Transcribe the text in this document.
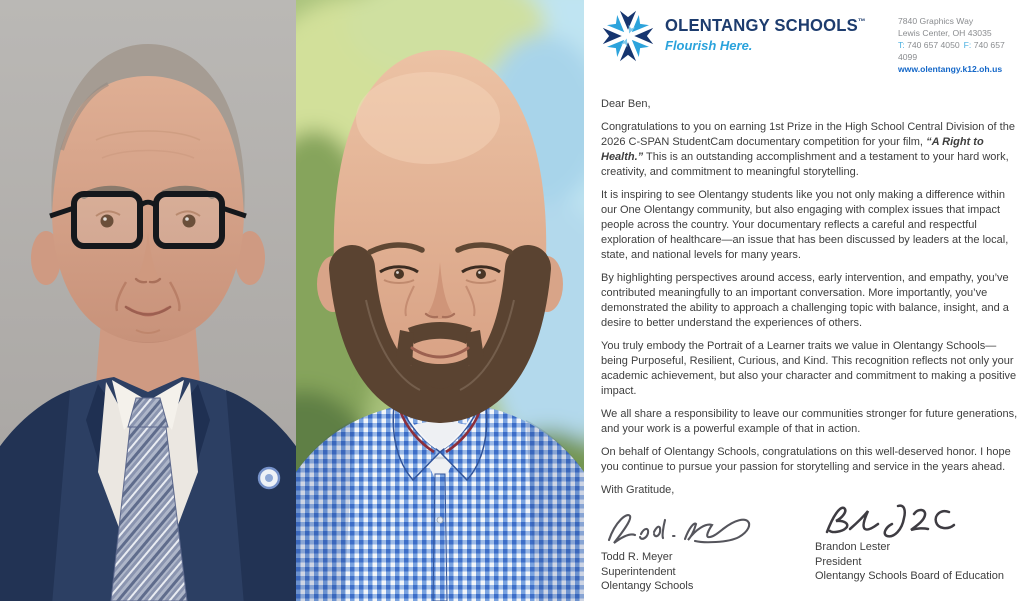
OLENTANGY SCHOOLS™
Flourish Here.
7840 Graphics Way
Lewis Center, OH 43035
T: 740 657 4050 F: 740 657 4099
www.olentangy.k12.oh.us

Dear Ben,

Congratulations to you on earning 1st Prize in the High School Central Division of the 2026 C-SPAN StudentCam documentary competition for your film, “A Right to Health.” This is an outstanding accomplishment and a testament to your hard work, creativity, and commitment to meaningful storytelling.

It is inspiring to see Olentangy students like you not only making a difference within our One Olentangy community, but also engaging with complex issues that impact people across the country. Your documentary reflects a careful and respectful exploration of healthcare—an issue that has been discussed by leaders at the local, state, and national levels for many years.

By highlighting perspectives around access, early intervention, and empathy, you’ve contributed meaningfully to an important conversation. More importantly, you’ve demonstrated the ability to approach a challenging topic with balance, insight, and a desire to better understand the experiences of others.

You truly embody the Portrait of a Learner traits we value in Olentangy Schools—being Purposeful, Resilient, Curious, and Kind. This recognition reflects not only your academic achievement, but also your character and commitment to making a positive impact.

We all share a responsibility to leave our communities stronger for future generations, and your work is a powerful example of that in action.

On behalf of Olentangy Schools, congratulations on this well-deserved honor. I hope you continue to pursue your passion for storytelling and service in the years ahead.

With Gratitude,

Todd R. Meyer
Superintendent
Olentangy Schools
Brandon Lester
President
Olentangy Schools Board of Education
